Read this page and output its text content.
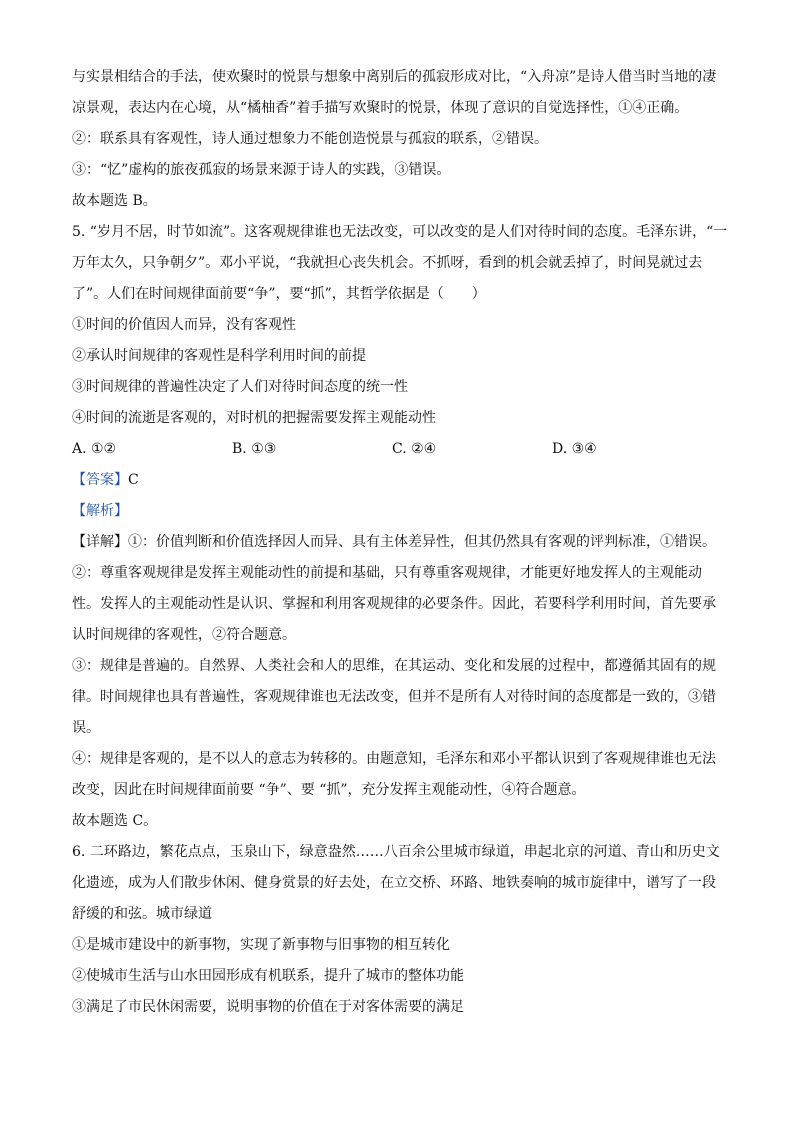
与实景相结合的手法，使欢聚时的悦景与想象中离别后的孤寂形成对比，“入舟凉”是诗人借当时当地的凄

凉景观，表达内在心境，从“橘柚香”着手描写欢聚时的悦景，体现了意识的自觉选择性，①④正确。

②：联系具有客观性，诗人通过想象力不能创造悦景与孤寂的联系，②错误。

③：“忆”虚构的旅夜孤寂的场景来源于诗人的实践，③错误。

故本题选 B。

5. “岁月不居，时节如流”。这客观规律谁也无法改变，可以改变的是人们对待时间的态度。毛泽东讲，“一

万年太久，只争朝夕”。邓小平说，“我就担心丧失机会。不抓呀，看到的机会就丢掉了，时间晃就过去

了”。人们在时间规律面前要“争”，要“抓”，其哲学依据是（　　）

①时间的价值因人而异，没有客观性

②承认时间规律的客观性是科学利用时间的前提

③时间规律的普遍性决定了人们对待时间态度的统一性

④时间的流逝是客观的，对时机的把握需要发挥主观能动性

A. ①②	B. ①③	C. ②④	D. ③④

【答案】C

【解析】

【详解】①：价值判断和价值选择因人而异、具有主体差异性，但其仍然具有客观的评判标准，①错误。

②：尊重客观规律是发挥主观能动性的前提和基础，只有尊重客观规律，才能更好地发挥人的主观能动

性。发挥人的主观能动性是认识、掌握和利用客观规律的必要条件。因此，若要科学利用时间，首先要承

认时间规律的客观性，②符合题意。

③：规律是普遍的。自然界、人类社会和人的思维，在其运动、变化和发展的过程中，都遵循其固有的规

律。时间规律也具有普遍性，客观规律谁也无法改变，但并不是所有人对待时间的态度都是一致的，③错

误。

④：规律是客观的，是不以人的意志为转移的。由题意知，毛泽东和邓小平都认识到了客观规律谁也无法

改变，因此在时间规律面前要 “争”、要 “抓”，充分发挥主观能动性，④符合题意。

故本题选 C。

6. 二环路边，繁花点点，玉泉山下，绿意盎然……八百余公里城市绿道，串起北京的河道、青山和历史文

化遗迹，成为人们散步休闲、健身赏景的好去处，在立交桥、环路、地铁奏响的城市旋律中，谱写了一段

舒缓的和弦。城市绿道

①是城市建设中的新事物，实现了新事物与旧事物的相互转化

②使城市生活与山水田园形成有机联系，提升了城市的整体功能

③满足了市民休闲需要，说明事物的价值在于对客体需要的满足
